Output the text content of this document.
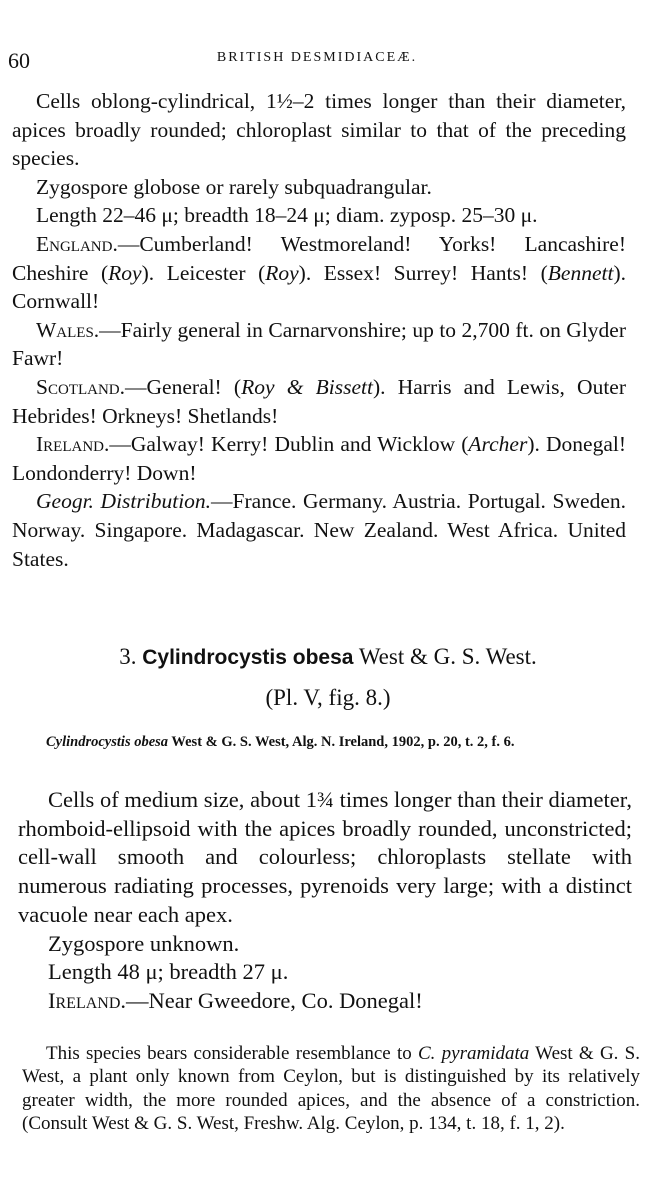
60	BRITISH DESMIDIACEÆ.

Cells oblong-cylindrical, 1½–2 times longer than their diameter, apices broadly rounded; chloroplast similar to that of the preceding species.

Zygospore globose or rarely subquadrangular.

Length 22–46 μ; breadth 18–24 μ; diam. zyposp. 25–30 μ.

England.—Cumberland! Westmoreland! Yorks! Lancashire! Cheshire (Roy). Leicester (Roy). Essex! Surrey! Hants! (Bennett). Cornwall!

Wales.—Fairly general in Carnarvonshire; up to 2,700 ft. on Glyder Fawr!

Scotland.—General! (Roy & Bissett). Harris and Lewis, Outer Hebrides! Orkneys! Shetlands!

Ireland.—Galway! Kerry! Dublin and Wicklow (Archer). Donegal! Londonderry! Down!

Geogr. Distribution.—France. Germany. Austria. Portugal. Sweden. Norway. Singapore. Madagascar. New Zealand. West Africa. United States.

3. Cylindrocystis obesa West & G. S. West.
(Pl. V, fig. 8.)
Cylindrocystis obesa West & G. S. West, Alg. N. Ireland, 1902, p. 20, t. 2, f. 6.

Cells of medium size, about 1¾ times longer than their diameter, rhomboid-ellipsoid with the apices broadly rounded, unconstricted; cell-wall smooth and colourless; chloroplasts stellate with numerous radiating processes, pyrenoids very large; with a distinct vacuole near each apex.

Zygospore unknown.

Length 48 μ; breadth 27 μ.

Ireland.—Near Gweedore, Co. Donegal!

This species bears considerable resemblance to C. pyramidata West & G. S. West, a plant only known from Ceylon, but is distinguished by its relatively greater width, the more rounded apices, and the absence of a constriction. (Consult West & G. S. West, Freshw. Alg. Ceylon, p. 134, t. 18, f. 1, 2).
